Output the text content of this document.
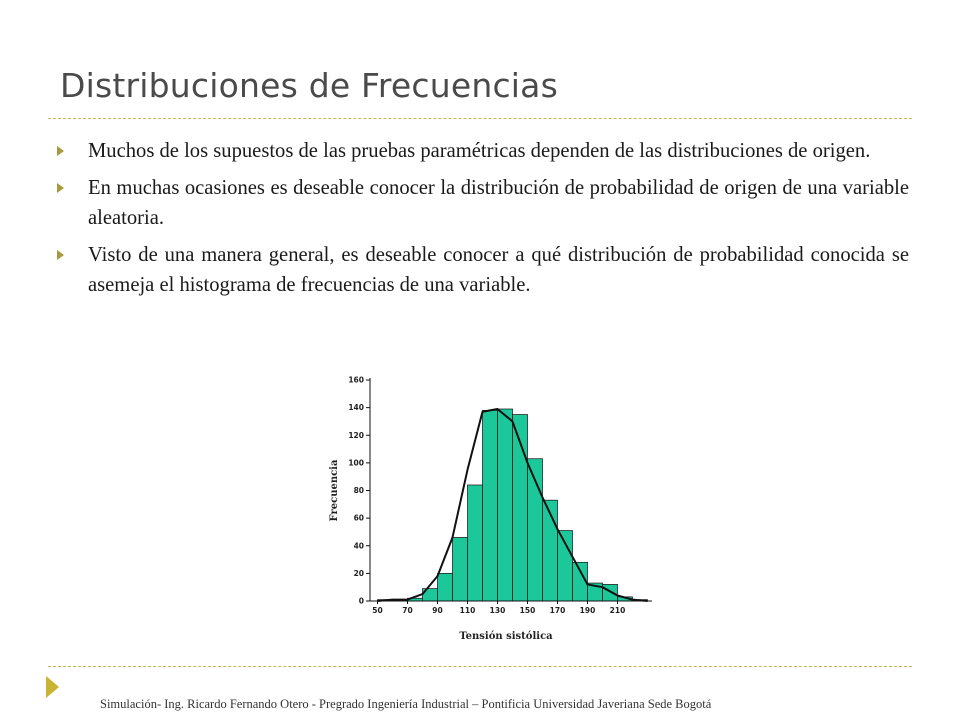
Distribuciones de Frecuencias
Muchos de los supuestos de las pruebas paramétricas dependen de las distribuciones de origen.
En muchas ocasiones es deseable conocer la distribución de probabilidad de origen de una variable aleatoria.
Visto de una manera general, es deseable conocer a qué distribución de probabilidad conocida se asemeja el histograma de frecuencias de una variable.
0
20
40
60
80
100
120
140
160
50	70	90 110 130 150 170 190 210
Tensión sistólica
Frecuencia
Simulación- Ing. Ricardo Fernando Otero - Pregrado Ingeniería Industrial – Pontificia Universidad Javeriana Sede Bogotá
